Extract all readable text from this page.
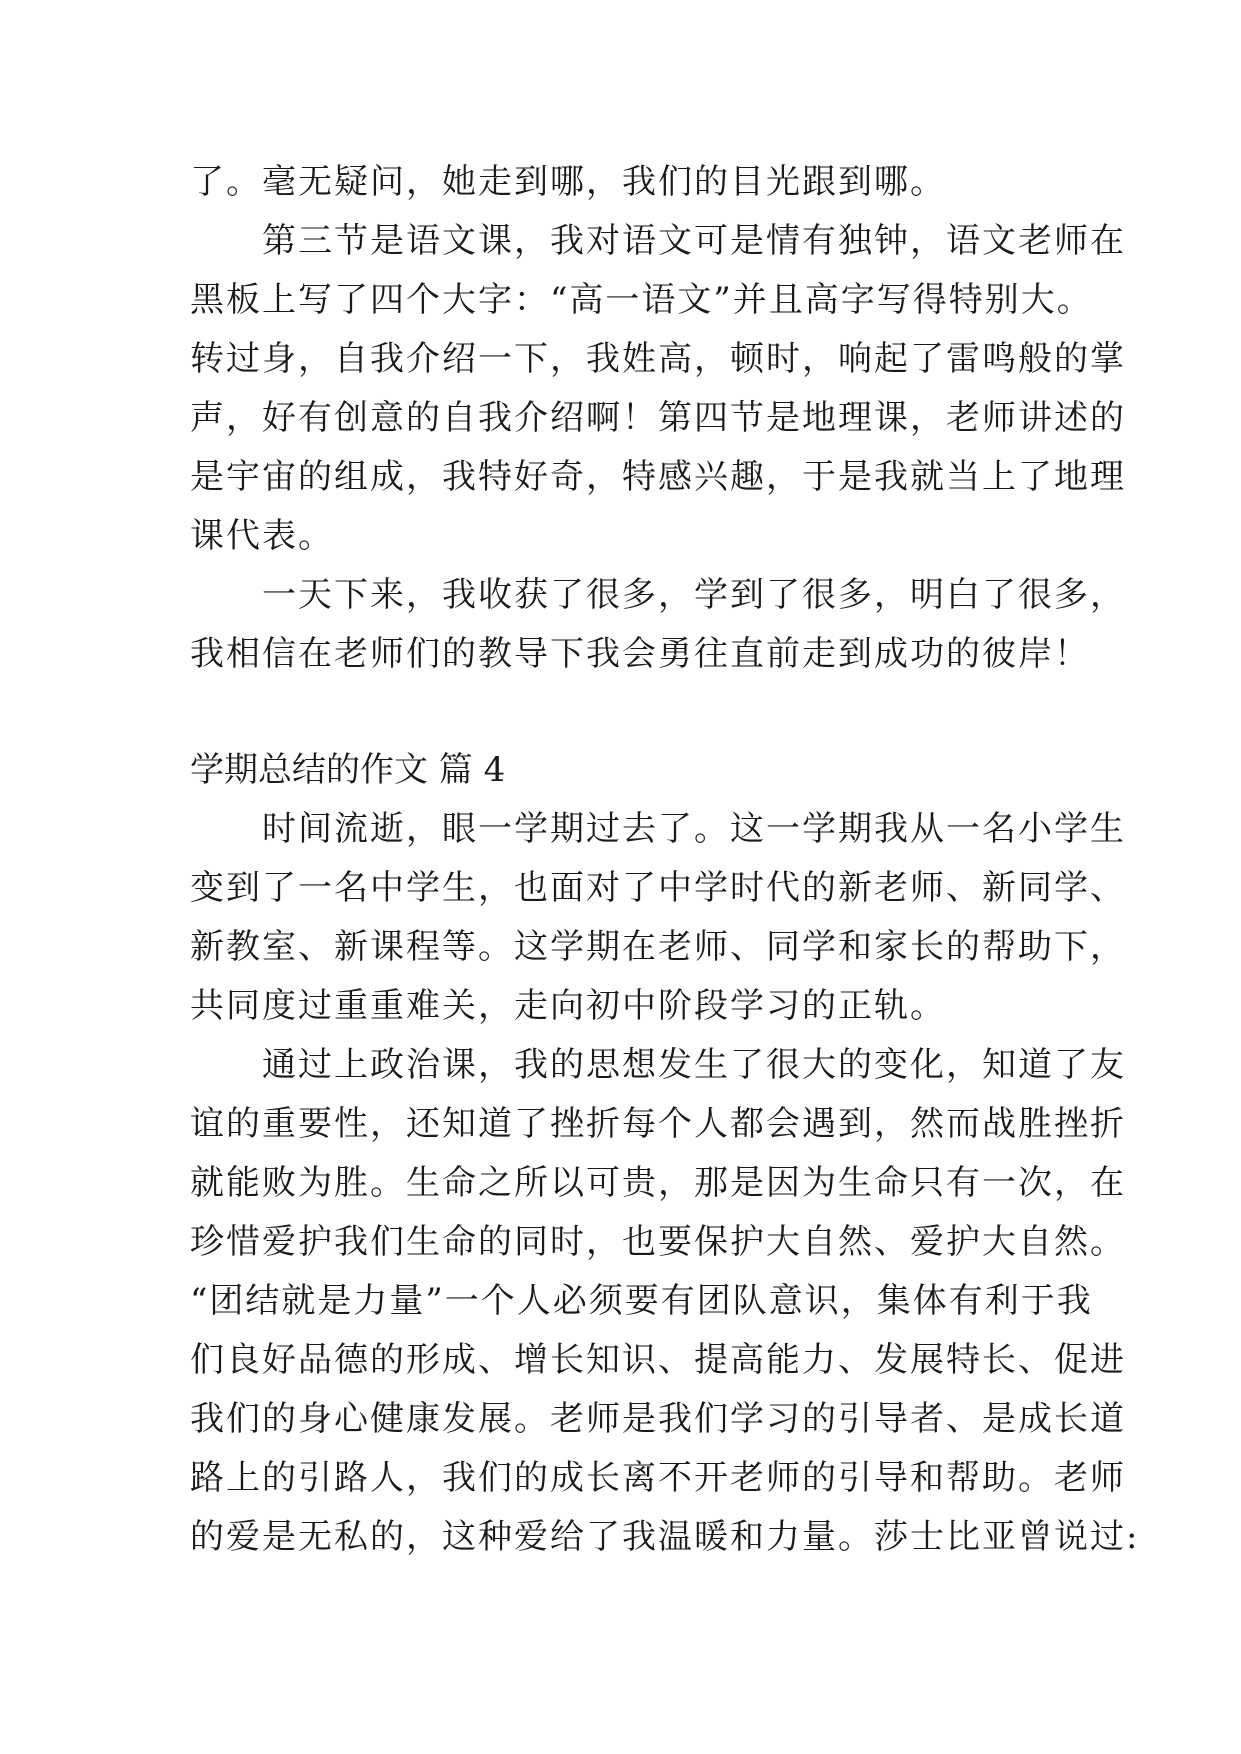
了。毫无疑问，她走到哪，我们的目光跟到哪。
　　第三节是语文课，我对语文可是情有独钟，语文老师在
黑板上写了四个大字：“高一语文”并且高字写得特别大。
转过身，自我介绍一下，我姓高，顿时，响起了雷鸣般的掌
声，好有创意的自我介绍啊！第四节是地理课，老师讲述的
是宇宙的组成，我特好奇，特感兴趣，于是我就当上了地理
课代表。
　　一天下来，我收获了很多，学到了很多，明白了很多，
我相信在老师们的教导下我会勇往直前走到成功的彼岸！
学期总结的作文 篇 4
　　时间流逝，眼一学期过去了。这一学期我从一名小学生
变到了一名中学生，也面对了中学时代的新老师、新同学、
新教室、新课程等。这学期在老师、同学和家长的帮助下，
共同度过重重难关，走向初中阶段学习的正轨。
　　通过上政治课，我的思想发生了很大的变化，知道了友
谊的重要性，还知道了挫折每个人都会遇到，然而战胜挫折
就能败为胜。生命之所以可贵，那是因为生命只有一次，在
珍惜爱护我们生命的同时，也要保护大自然、爱护大自然。
“团结就是力量”一个人必须要有团队意识，集体有利于我
们良好品德的形成、增长知识、提高能力、发展特长、促进
我们的身心健康发展。老师是我们学习的引导者、是成长道
路上的引路人，我们的成长离不开老师的引导和帮助。老师
的爱是无私的，这种爱给了我温暖和力量。莎士比亚曾说过:
